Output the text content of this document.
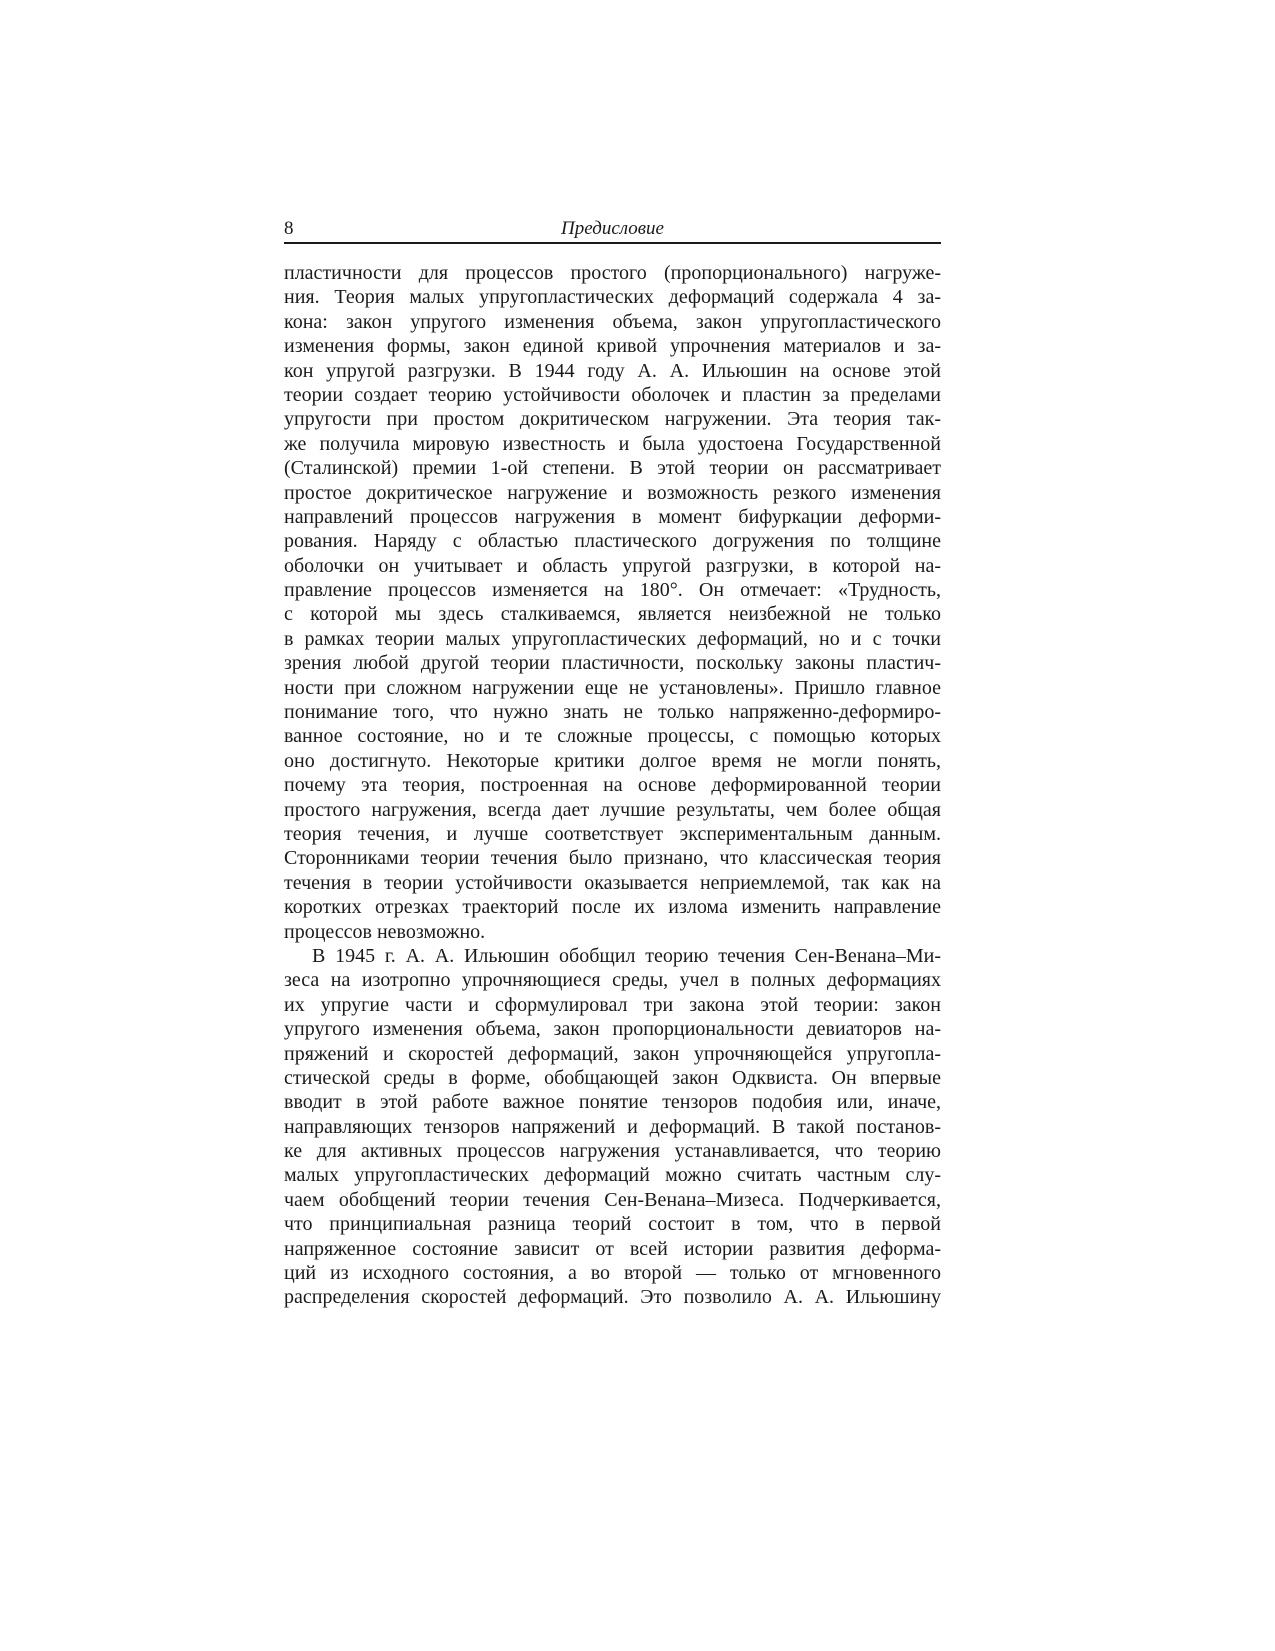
8	Предисловие
пластичности для процессов простого (пропорционального) нагруже-
ния. Теория малых упругопластических деформаций содержала 4 за-
кона: закон упругого изменения объема, закон упругопластического
изменения формы, закон единой кривой упрочнения материалов и за-
кон упругой разгрузки. В 1944 году А. А. Ильюшин на основе этой
теории создает теорию устойчивости оболочек и пластин за пределами
упругости при простом докритическом нагружении. Эта теория так-
же получила мировую известность и была удостоена Государственной
(Сталинской) премии 1-ой степени. В этой теории он рассматривает
простое докритическое нагружение и возможность резкого изменения
направлений процессов нагружения в момент бифуркации деформи-
рования. Наряду с областью пластического догружения по толщине
оболочки он учитывает и область упругой разгрузки, в которой на-
правление процессов изменяется на 180°. Он отмечает: «Трудность,
с которой мы здесь сталкиваемся, является неизбежной не только
в рамках теории малых упругопластических деформаций, но и с точки
зрения любой другой теории пластичности, поскольку законы пластич-
ности при сложном нагружении еще не установлены». Пришло главное
понимание того, что нужно знать не только напряженно-деформиро-
ванное состояние, но и те сложные процессы, с помощью которых
оно достигнуто. Некоторые критики долгое время не могли понять,
почему эта теория, построенная на основе деформированной теории
простого нагружения, всегда дает лучшие результаты, чем более общая
теория течения, и лучше соответствует экспериментальным данным.
Сторонниками теории течения было признано, что классическая теория
течения в теории устойчивости оказывается неприемлемой, так как на
коротких отрезках траекторий после их излома изменить направление
процессов невозможно.
В 1945 г. А. А. Ильюшин обобщил теорию течения Сен-Венана–Ми-
зеса на изотропно упрочняющиеся среды, учел в полных деформациях
их упругие части и сформулировал три закона этой теории: закон
упругого изменения объема, закон пропорциональности девиаторов на-
пряжений и скоростей деформаций, закон упрочняющейся упругопла-
стической среды в форме, обобщающей закон Одквиста. Он впервые
вводит в этой работе важное понятие тензоров подобия или, иначе,
направляющих тензоров напряжений и деформаций. В такой постанов-
ке для активных процессов нагружения устанавливается, что теорию
малых упругопластических деформаций можно считать частным слу-
чаем обобщений теории течения Сен-Венана–Мизеса. Подчеркивается,
что принципиальная разница теорий состоит в том, что в первой
напряженное состояние зависит от всей истории развития деформа-
ций из исходного состояния, а во второй — только от мгновенного
распределения скоростей деформаций. Это позволило А. А. Ильюшину
